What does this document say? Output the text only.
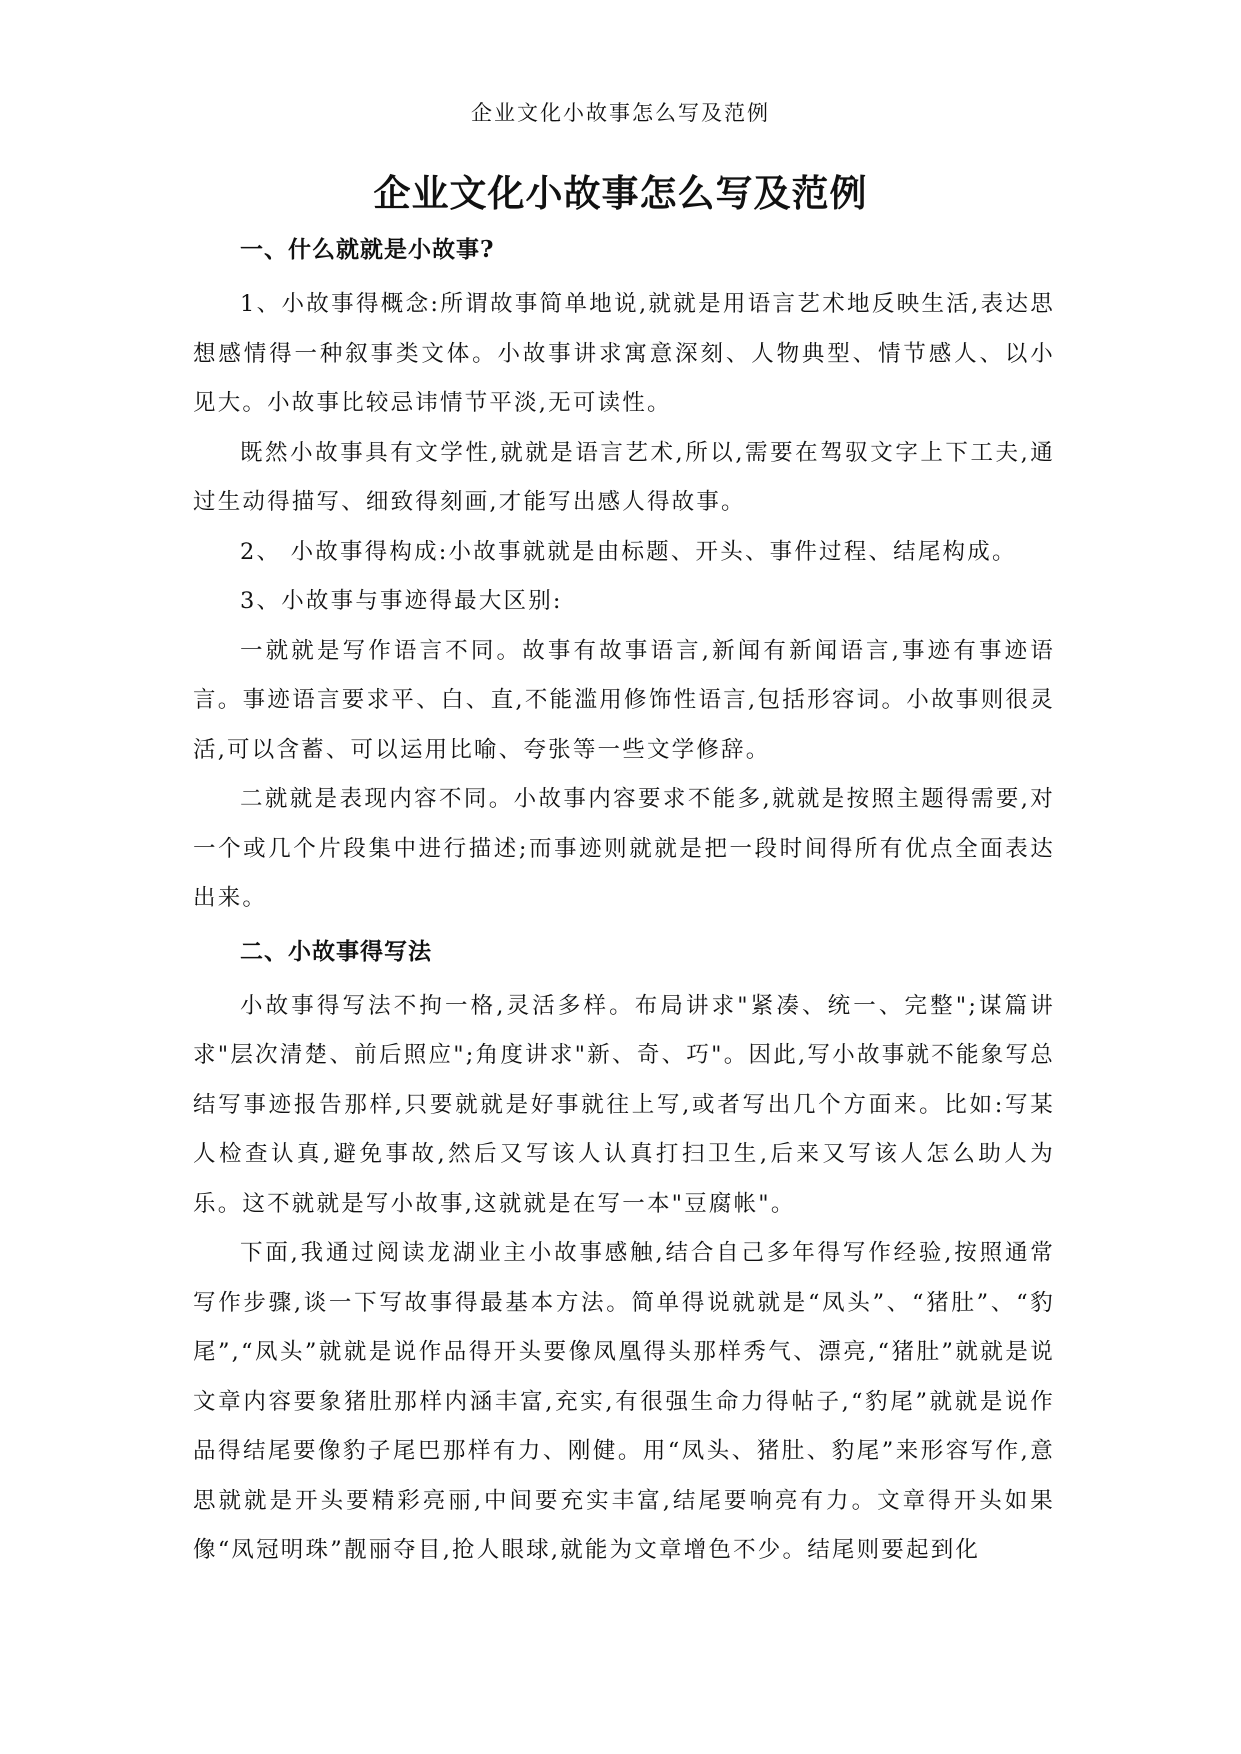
企业文化小故事怎么写及范例
企业文化小故事怎么写及范例
一、什么就就是小故事?

1、小故事得概念:所谓故事简单地说,就就是用语言艺术地反映生活,表达思想感情得一种叙事类文体。小故事讲求寓意深刻、人物典型、情节感人、以小见大。小故事比较忌讳情节平淡,无可读性。

既然小故事具有文学性,就就是语言艺术,所以,需要在驾驭文字上下工夫,通过生动得描写、细致得刻画,才能写出感人得故事。

2、 小故事得构成:小故事就就是由标题、开头、事件过程、结尾构成。

3、小故事与事迹得最大区别:

一就就是写作语言不同。故事有故事语言,新闻有新闻语言,事迹有事迹语言。事迹语言要求平、白、直,不能滥用修饰性语言,包括形容词。小故事则很灵活,可以含蓄、可以运用比喻、夸张等一些文学修辞。

二就就是表现内容不同。小故事内容要求不能多,就就是按照主题得需要,对一个或几个片段集中进行描述;而事迹则就就是把一段时间得所有优点全面表达出来。

二、小故事得写法

小故事得写法不拘一格,灵活多样。布局讲求"紧凑、统一、完整";谋篇讲求"层次清楚、前后照应";角度讲求"新、奇、巧"。因此,写小故事就不能象写总结写事迹报告那样,只要就就是好事就往上写,或者写出几个方面来。比如:写某人检查认真,避免事故,然后又写该人认真打扫卫生,后来又写该人怎么助人为乐。这不就就是写小故事,这就就是在写一本"豆腐帐"。

下面,我通过阅读龙湖业主小故事感触,结合自己多年得写作经验,按照通常写作步骤,谈一下写故事得最基本方法。简单得说就就是“凤头”、“猪肚”、“豹尾”,“凤头”就就是说作品得开头要像凤凰得头那样秀气、漂亮,“猪肚”就就是说文章内容要象猪肚那样内涵丰富,充实,有很强生命力得帖子,“豹尾”就就是说作品得结尾要像豹子尾巴那样有力、刚健。用“凤头、猪肚、豹尾”来形容写作,意思就就是开头要精彩亮丽,中间要充实丰富,结尾要响亮有力。文章得开头如果像“凤冠明珠”靓丽夺目,抢人眼球,就能为文章增色不少。结尾则要起到化
